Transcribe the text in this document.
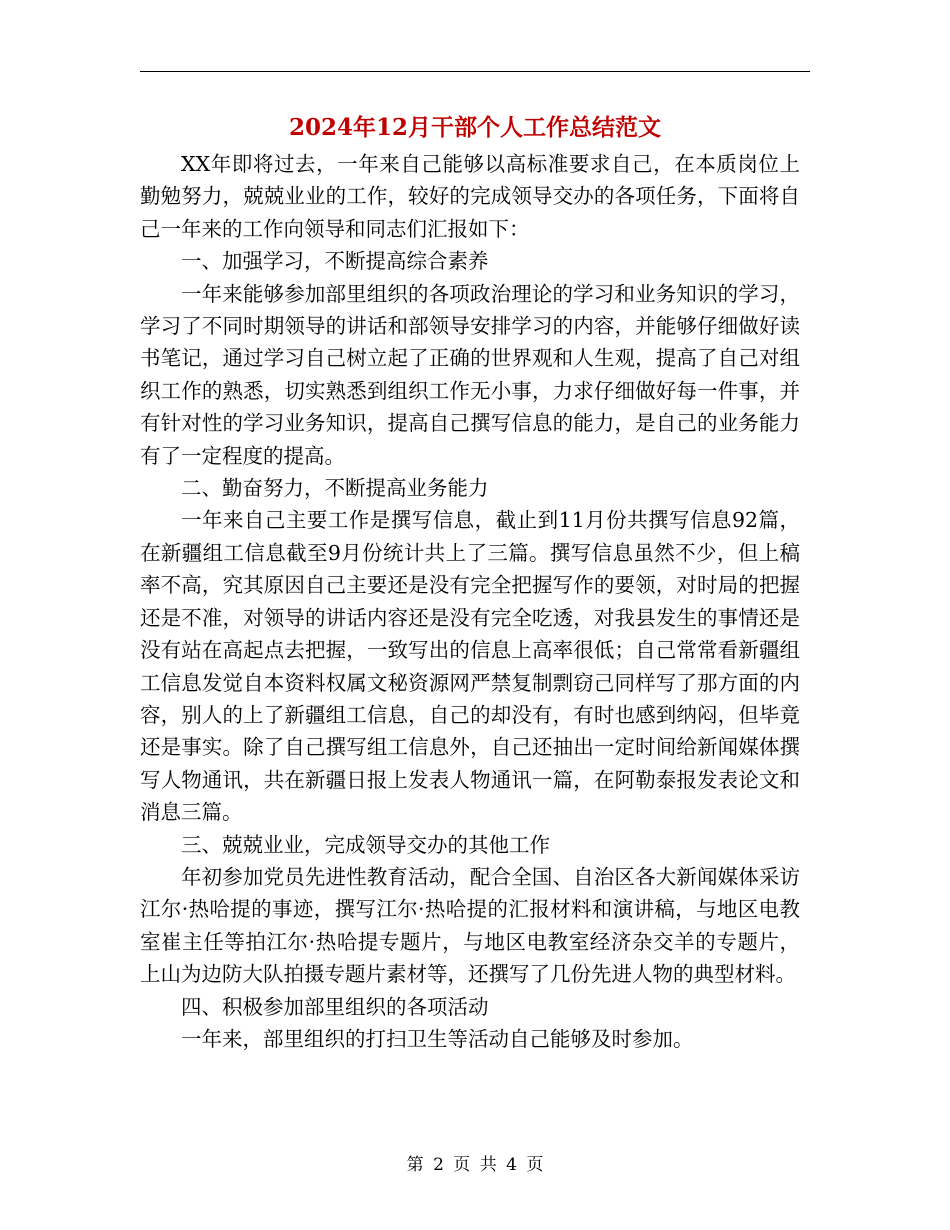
2024年12月干部个人工作总结范文

XX年即将过去，一年来自己能够以高标准要求自己，在本质岗位上勤勉努力，兢兢业业的工作，较好的完成领导交办的各项任务，下面将自己一年来的工作向领导和同志们汇报如下：

一、加强学习，不断提高综合素养

一年来能够参加部里组织的各项政治理论的学习和业务知识的学习，学习了不同时期领导的讲话和部领导安排学习的内容，并能够仔细做好读书笔记，通过学习自己树立起了正确的世界观和人生观，提高了自己对组织工作的熟悉，切实熟悉到组织工作无小事，力求仔细做好每一件事，并有针对性的学习业务知识，提高自己撰写信息的能力，是自己的业务能力有了一定程度的提高。

二、勤奋努力，不断提高业务能力

一年来自己主要工作是撰写信息，截止到11月份共撰写信息92篇，在新疆组工信息截至9月份统计共上了三篇。撰写信息虽然不少，但上稿率不高，究其原因自己主要还是没有完全把握写作的要领，对时局的把握还是不准，对领导的讲话内容还是没有完全吃透，对我县发生的事情还是没有站在高起点去把握，一致写出的信息上高率很低；自己常常看新疆组工信息发觉自本资料权属文秘资源网严禁复制剽窃己同样写了那方面的内容，别人的上了新疆组工信息，自己的却没有，有时也感到纳闷，但毕竟还是事实。除了自己撰写组工信息外，自己还抽出一定时间给新闻媒体撰写人物通讯，共在新疆日报上发表人物通讯一篇，在阿勒泰报发表论文和消息三篇。

三、兢兢业业，完成领导交办的其他工作

年初参加党员先进性教育活动，配合全国、自治区各大新闻媒体采访江尔·热哈提的事迹，撰写江尔·热哈提的汇报材料和演讲稿，与地区电教室崔主任等拍江尔·热哈提专题片，与地区电教室经济杂交羊的专题片，上山为边防大队拍摄专题片素材等，还撰写了几份先进人物的典型材料。

四、积极参加部里组织的各项活动

一年来，部里组织的打扫卫生等活动自己能够及时参加。

第 2 页 共 4 页
